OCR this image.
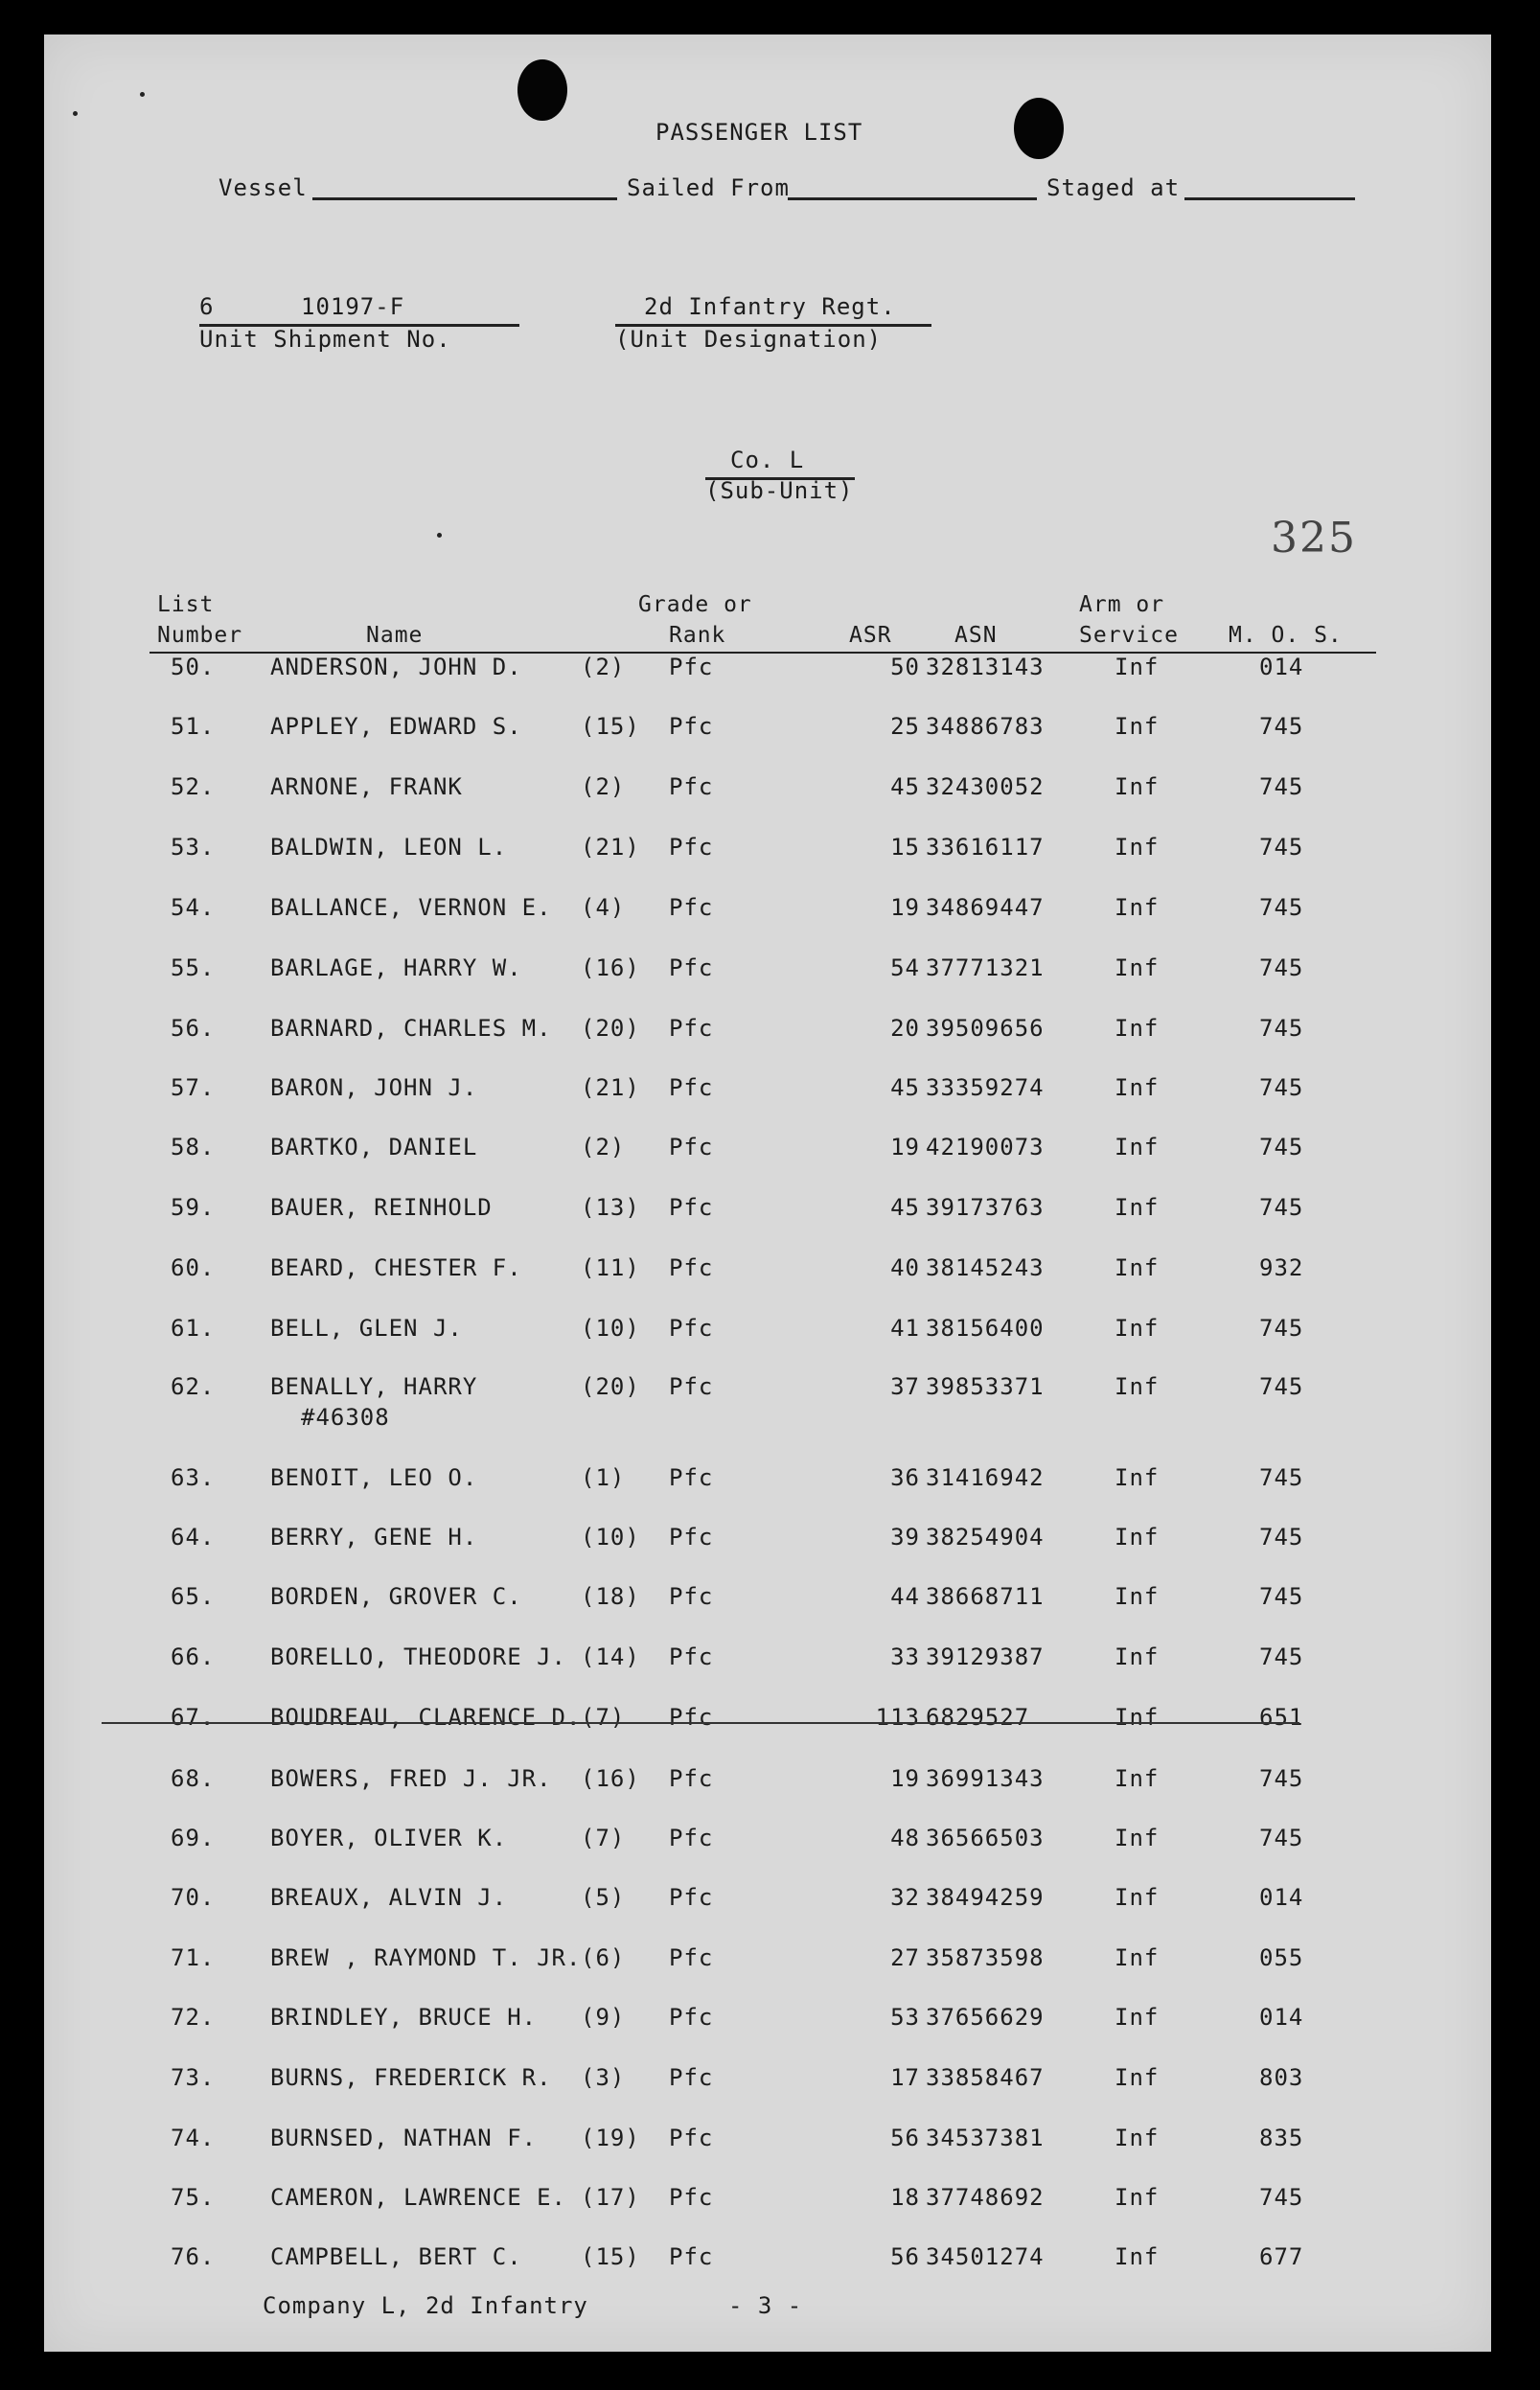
PASSENGER LIST
Vessel	Sailed From	Staged at
6	10197-F
Unit Shipment No.
2d Infantry Regt.
(Unit Designation)
Co. L
(Sub-Unit)
325
List
Number	Name
Grade or
Rank	ASR	ASN
Arm or
Service M. O. S.
50. ANDERSON, JOHN D.	(2) Pfc	50 32813143	Inf	014
51. APPLEY, EDWARD S.	(15) Pfc	25 34886783	Inf	745
52. ARNONE, FRANK	(2) Pfc	45 32430052	Inf	745
53. BALDWIN, LEON L.	(21) Pfc	15 33616117	Inf	745
54. BALLANCE, VERNON E. (4) Pfc	19 34869447	Inf	745
55. BARLAGE, HARRY W.	(16) Pfc	54 37771321	Inf	745
56. BARNARD, CHARLES M. (20) Pfc	20 39509656	Inf	745
57. BARON, JOHN J.	(21) Pfc	45 33359274	Inf	745
58. BARTKO, DANIEL	(2) Pfc	19 42190073	Inf	745
59. BAUER, REINHOLD	(13) Pfc	45 39173763	Inf	745
60. BEARD, CHESTER F.	(11) Pfc	40 38145243	Inf	932
61. BELL, GLEN J.	(10) Pfc	41 38156400	Inf	745
62. BENALLY, HARRY	(20) Pfc	37 39853371	Inf	745
#46308
63. BENOIT, LEO O.	(1) Pfc	36 31416942	Inf	745
64. BERRY, GENE H.	(10) Pfc	39 38254904	Inf	745
65. BORDEN, GROVER C.	(18) Pfc	44 38668711	Inf	745
66. BORELLO, THEODORE J. (14) Pfc	33 39129387	Inf	745
67. BOUDREAU, CLARENCE D. (7) Pfc	113 6829527	Inf	651
68. BOWERS, FRED J. JR. (16) Pfc	19 36991343	Inf	745
69. BOYER, OLIVER K.	(7) Pfc	48 36566503	Inf	745
70. BREAUX, ALVIN J.	(5) Pfc	32 38494259	Inf	014
71. BREW , RAYMOND T. JR. (6) Pfc	27 35873598	Inf	055
72. BRINDLEY, BRUCE H. (9) Pfc	53 37656629	Inf	014
73. BURNS, FREDERICK R. (3) Pfc	17 33858467	Inf	803
74. BURNSED, NATHAN F. (19) Pfc	56 34537381	Inf	835
75. CAMERON, LAWRENCE E. (17) Pfc	18 37748692	Inf	745
76. CAMPBELL, BERT C.	(15) Pfc	56 34501274	Inf	677
Company L, 2d Infantry	- 3 -
